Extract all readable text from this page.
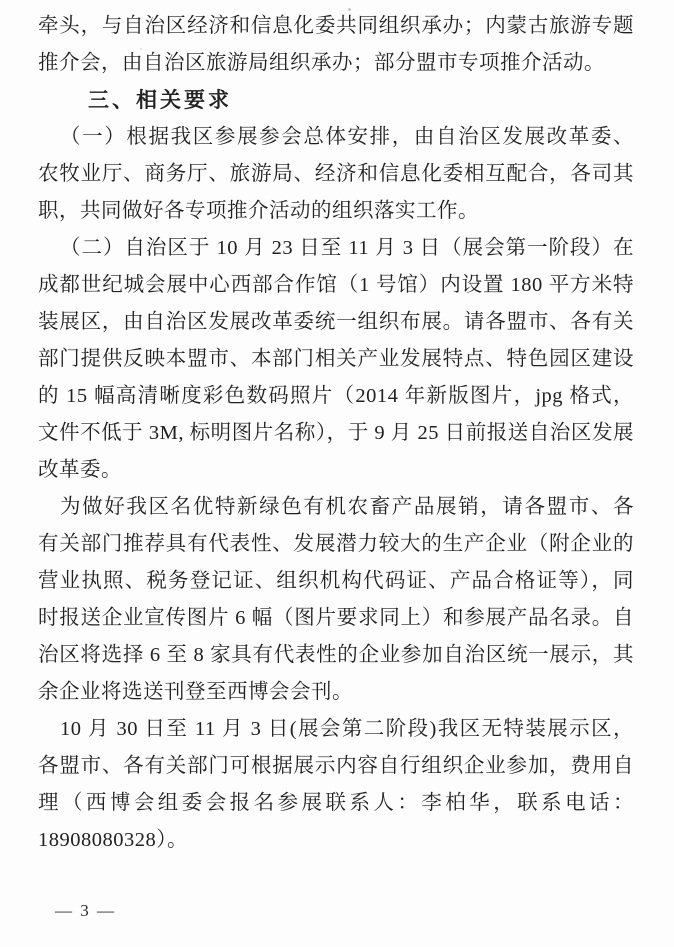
牵头，与自治区经济和信息化委共同组织承办；内蒙古旅游专题
推介会，由自治区旅游局组织承办；部分盟市专项推介活动。
三、相关要求
（一）根据我区参展参会总体安排，由自治区发展改革委、
农牧业厅、商务厅、旅游局、经济和信息化委相互配合，各司其
职，共同做好各专项推介活动的组织落实工作。
（二）自治区于 10 月 23 日至 11 月 3 日（展会第一阶段）在
成都世纪城会展中心西部合作馆（1 号馆）内设置 180 平方米特
装展区，由自治区发展改革委统一组织布展。请各盟市、各有关
部门提供反映本盟市、本部门相关产业发展特点、特色园区建设
的 15 幅高清晰度彩色数码照片（2014 年新版图片，jpg 格式，
文件不低于 3M, 标明图片名称），于 9 月 25 日前报送自治区发展
改革委。
为做好我区名优特新绿色有机农畜产品展销，请各盟市、各
有关部门推荐具有代表性、发展潜力较大的生产企业（附企业的
营业执照、税务登记证、组织机构代码证、产品合格证等），同
时报送企业宣传图片 6 幅（图片要求同上）和参展产品名录。自
治区将选择 6 至 8 家具有代表性的企业参加自治区统一展示，其
余企业将选送刊登至西博会会刊。
10 月 30 日至 11 月 3 日(展会第二阶段)我区无特装展示区，
各盟市、各有关部门可根据展示内容自行组织企业参加，费用自
理（西博会组委会报名参展联系人：李柏华，联系电话：
18908080328）。
— 3 —
